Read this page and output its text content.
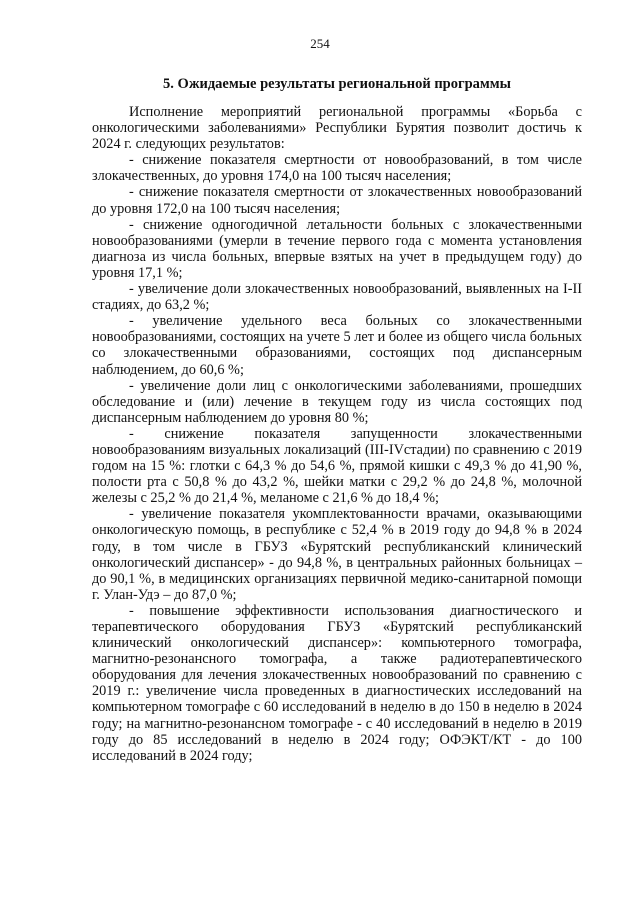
254
5. Ожидаемые результаты региональной программы

Исполнение мероприятий региональной программы «Борьба с онкологическими заболеваниями» Республики Бурятия позволит достичь к 2024 г. следующих результатов:

- снижение показателя смертности от новообразований, в том числе злокачественных, до уровня 174,0 на 100 тысяч населения;

- снижение показателя смертности от злокачественных новообразований до уровня 172,0 на 100 тысяч населения;

- снижение одногодичной летальности больных с злокачественными новообразованиями (умерли в течение первого года с момента установления диагноза из числа больных, впервые взятых на учет в предыдущем году) до уровня 17,1 %;

- увеличение доли злокачественных новообразований, выявленных на I-II стадиях, до 63,2 %;

- увеличение удельного веса больных со злокачественными новообразованиями, состоящих на учете 5 лет и более из общего числа больных со злокачественными образованиями, состоящих под диспансерным наблюдением, до 60,6 %;

- увеличение доли лиц с онкологическими заболеваниями, прошедших обследование и (или) лечение в текущем году из числа состоящих под диспансерным наблюдением до уровня 80 %;

- снижение показателя запущенности злокачественными новообразованиям визуальных локализаций (III-IVстадии) по сравнению с 2019 годом на 15 %: глотки с 64,3 % до 54,6 %, прямой кишки с 49,3 % до 41,90 %, полости рта с 50,8 % до 43,2 %, шейки матки с 29,2 % до 24,8 %, молочной железы с 25,2 % до 21,4 %, меланоме с 21,6 % до 18,4 %;

- увеличение показателя укомплектованности врачами, оказывающими онкологическую помощь, в республике с 52,4 % в 2019 году до 94,8 % в 2024 году, в том числе в ГБУЗ «Бурятский республиканский клинический онкологический диспансер» - до 94,8 %, в центральных районных больницах – до 90,1 %, в медицинских организациях первичной медико-санитарной помощи г. Улан-Удэ – до 87,0 %;

- повышение эффективности использования диагностического и терапевтического оборудования ГБУЗ «Бурятский республиканский клинический онкологический диспансер»: компьютерного томографа, магнитно-резонансного томографа, а также радиотерапевтического оборудования для лечения злокачественных новообразований по сравнению с 2019 г.: увеличение числа проведенных в диагностических исследований на компьютерном томографе с 60 исследований в неделю в до 150 в неделю в 2024 году; на магнитно-резонансном томографе - с 40 исследований в неделю в 2019 году до 85 исследований в неделю в 2024 году; ОФЭКТ/КТ - до 100 исследований в 2024 году;
